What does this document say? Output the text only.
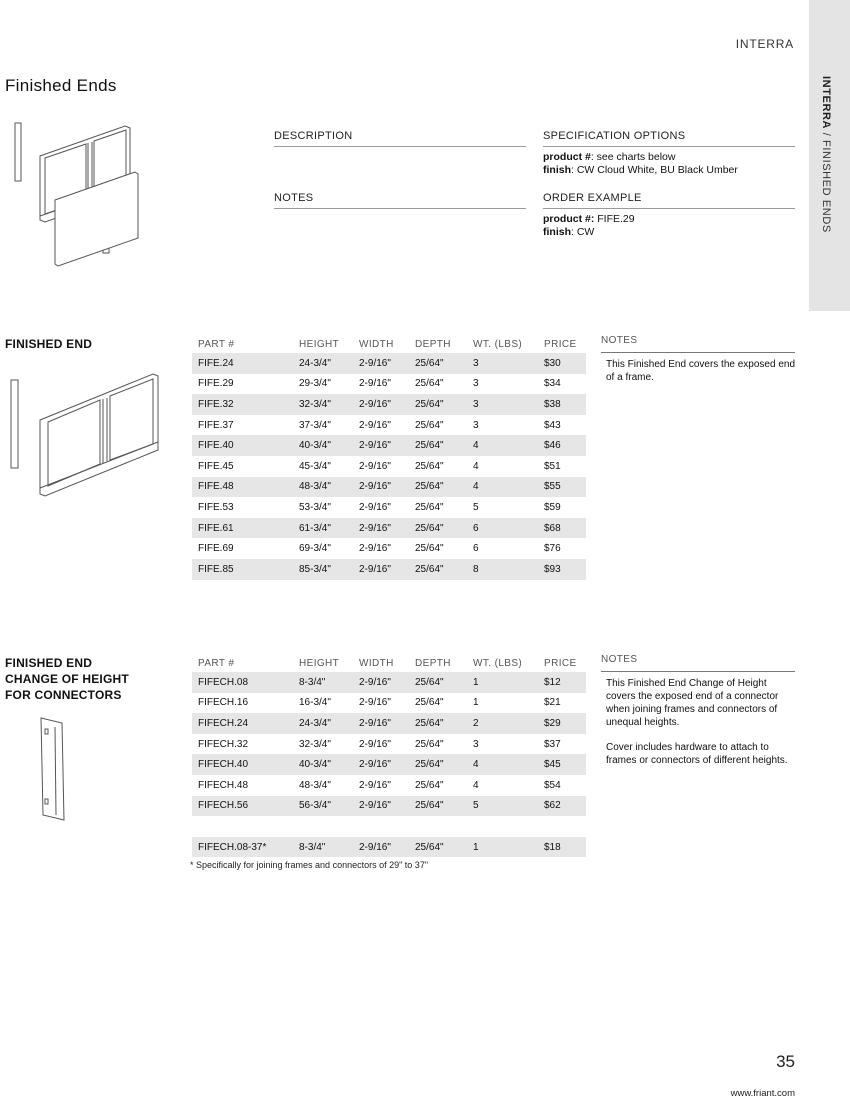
INTERRA / FINISHED ENDS
INTERRA
Finished Ends
DESCRIPTION
NOTES
SPECIFICATION OPTIONS
product #: see charts below
finish: CW Cloud White, BU Black Umber
ORDER EXAMPLE
product #: FIFE.29
finish: CW
FINISHED END	PART #	HEIGHT WIDTH DEPTH WT. (LBS) PRICE
FIFE.24	24-3/4"	2-9/16" 25/64"	3	$30
FIFE.29	29-3/4"	2-9/16" 25/64"	3	$34
FIFE.32	32-3/4"	2-9/16" 25/64"	3	$38
FIFE.37	37-3/4"	2-9/16" 25/64"	3	$43
FIFE.40	40-3/4"	2-9/16" 25/64"	4	$46
FIFE.45	45-3/4"	2-9/16" 25/64"	4	$51
FIFE.48	48-3/4"	2-9/16" 25/64"	4	$55
FIFE.53	53-3/4"	2-9/16" 25/64"	5	$59
FIFE.61	61-3/4"	2-9/16" 25/64"	6	$68
FIFE.69	69-3/4"	2-9/16" 25/64"	6	$76
FIFE.85	85-3/4"	2-9/16" 25/64"	8	$93
NOTES

This Finished End covers the exposed end of a frame.

FINISHED END
CHANGE OF HEIGHT
FOR CONNECTORS
PART #	HEIGHT WIDTH DEPTH WT. (LBS) PRICE
FIFECH.08	8-3/4"	2-9/16" 25/64"	1	$12
FIFECH.16	16-3/4"	2-9/16" 25/64"	1	$21
FIFECH.24	24-3/4"	2-9/16" 25/64"	2	$29
FIFECH.32	32-3/4"	2-9/16" 25/64"	3	$37
FIFECH.40	40-3/4"	2-9/16" 25/64"	4	$45
FIFECH.48	48-3/4"	2-9/16" 25/64"	4	$54
FIFECH.56	56-3/4"	2-9/16" 25/64"	5	$62
FIFECH.08-37*	8-3/4"	2-9/16" 25/64"	1	$18
NOTES

This Finished End Change of Height covers the exposed end of a connector when joining frames and connectors of unequal heights.

Cover includes hardware to attach to frames or connectors of different heights.

* Specifically for joining frames and connectors of 29" to 37"
35
www.friant.com
